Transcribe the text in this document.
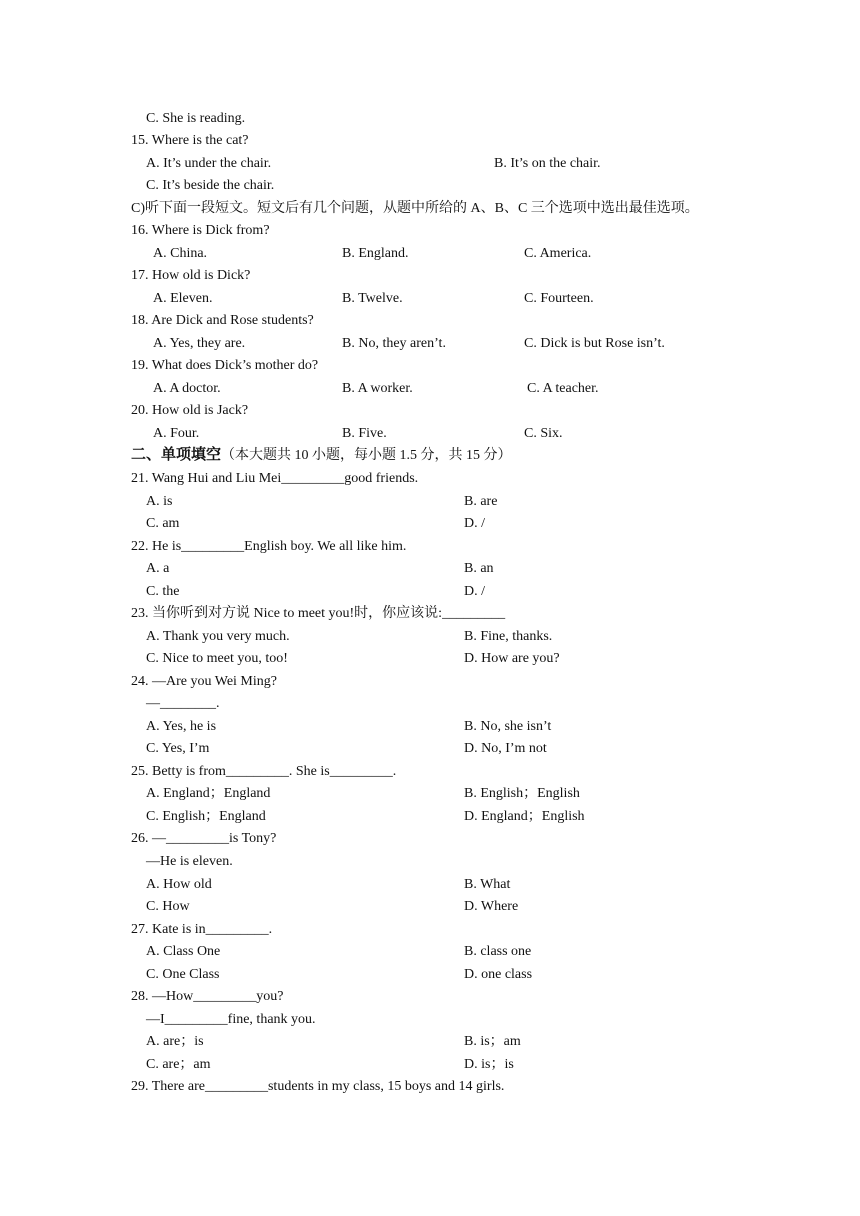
C. She is reading.
15. Where is the cat?
A. It’s under the chair.	B. It’s on the chair.
C. It’s beside the chair.
C)听下面一段短文。短文后有几个问题，从题中所给的 A、B、C 三个选项中选出最佳选项。
16. Where is Dick from?
A. China.	B. England.	C. America.
17. How old is Dick?
A. Eleven.	B. Twelve.	C. Fourteen.
18. Are Dick and Rose students?
A. Yes, they are.	B. No, they aren’t.	C. Dick is but Rose isn’t.
19. What does Dick’s mother do?
A. A doctor.	B. A worker.	C. A teacher.
20. How old is Jack?
A. Four.	B. Five.	C. Six.
二、单项填空（本大题共 10 小题，每小题 1.5 分，共 15 分）
21. Wang Hui and Liu Mei_________good friends.
A. is	B. are
C. am	D. /
22. He is_________English boy. We all like him.
A. a	B. an
C. the	D. /
23. 当你听到对方说 Nice to meet you!时，你应该说:_________
A. Thank you very much.	B. Fine, thanks.
C. Nice to meet you, too!	D. How are you?
24. —Are you Wei Ming?
—________.
A. Yes, he is	B. No, she isn’t
C. Yes, I’m	D. No, I’m not
25. Betty is from_________. She is_________.
A. England；England	B. English；English
C. English；England	D. England；English
26. —_________is Tony?
—He is eleven.
A. How old	B. What
C. How	D. Where
27. Kate is in_________.
A. Class One	B. class one
C. One Class	D. one class
28. —How_________you?
—I_________fine, thank you.
A. are；is	B. is；am
C. are；am	D. is；is
29. There are_________students in my class, 15 boys and 14 girls.
